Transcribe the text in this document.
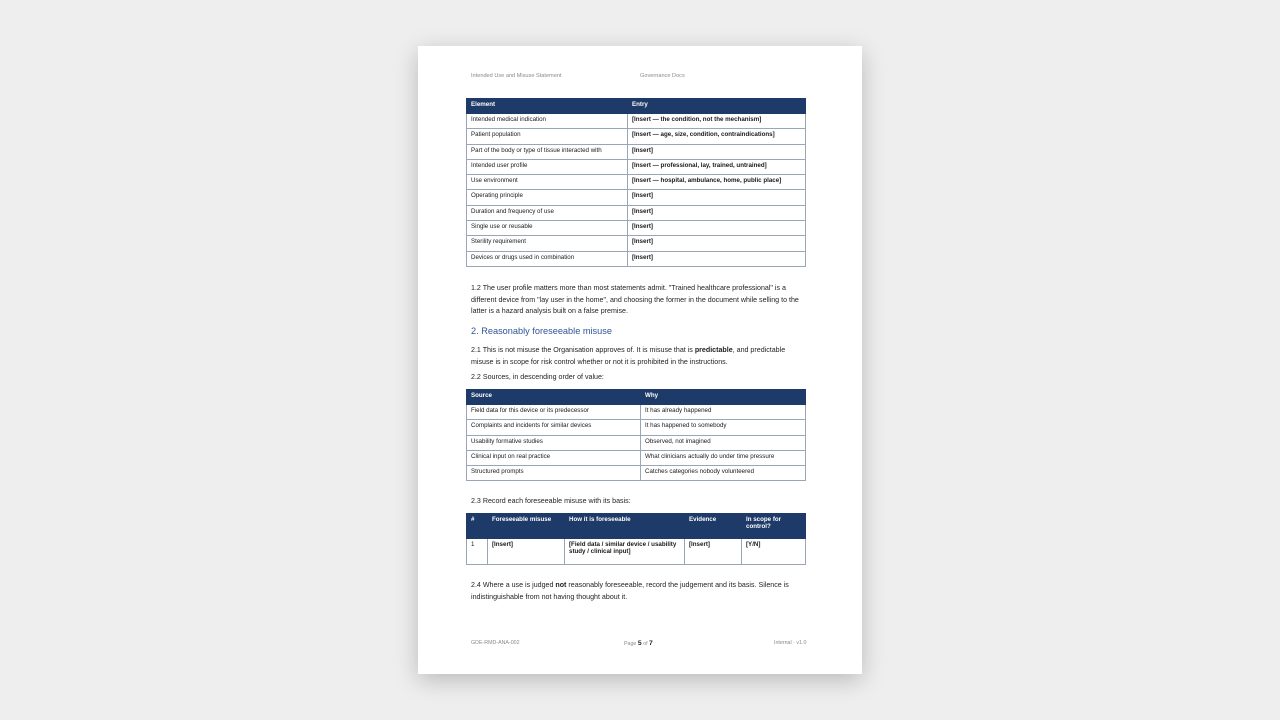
Intended Use and Misuse Statement	Governance Docs
Element	Entry
Intended medical indication	[Insert — the condition, not the mechanism]
Patient population	[Insert — age, size, condition, contraindications]
Part of the body or type of tissue interacted with	[Insert]
Intended user profile	[Insert — professional, lay, trained, untrained]
Use environment	[Insert — hospital, ambulance, home, public place]
Operating principle	[Insert]
Duration and frequency of use	[Insert]
Single use or reusable	[Insert]
Sterility requirement	[Insert]
Devices or drugs used in combination	[Insert]

1.2 The user profile matters more than most statements admit. "Trained healthcare professional" is a different device from "lay user in the home", and choosing the former in the document while selling to the latter is a hazard analysis built on a false premise.

2. Reasonably foreseeable misuse

2.1 This is not misuse the Organisation approves of. It is misuse that is predictable, and predictable misuse is in scope for risk control whether or not it is prohibited in the instructions.

2.2 Sources, in descending order of value:

Source	Why
Field data for this device or its predecessor	It has already happened
Complaints and incidents for similar devices	It has happened to somebody
Usability formative studies	Observed, not imagined
Clinical input on real practice	What clinicians actually do under time pressure
Structured prompts	Catches categories nobody volunteered

2.3 Record each foreseeable misuse with its basis:

#	Foreseeable misuse	How it is foreseeable	Evidence	In scope for control?
1	[Insert]	[Field data / similar device / usability study / clinical input]	[Insert]	[Y/N]

2.4 Where a use is judged not reasonably foreseeable, record the judgement and its basis. Silence is indistinguishable from not having thought about it.

GDE-RMD-ANA-002	Page 5 of 7	Internal · v1.0
